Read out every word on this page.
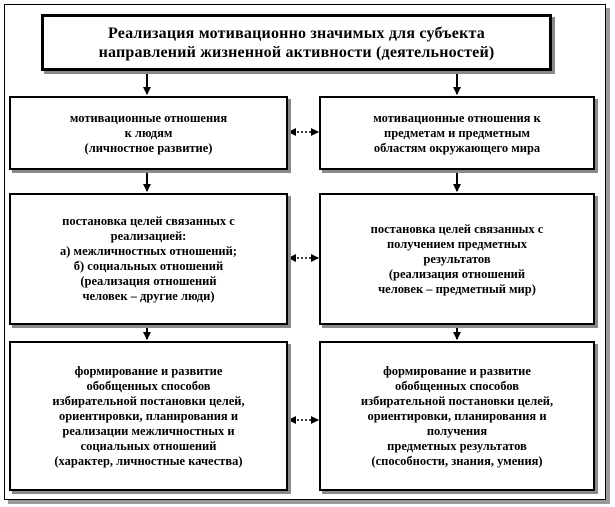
Реализация мотивационно значимых для субъекта
направлений жизненной активности (деятельностей)
мотивационные отношения
к людям
(личностное развитие)
постановка целей связанных с
реализацией:
а) межличностных отношений;
б) социальных отношений
(реализация отношений
человек – другие люди)
формирование и развитие
обобщенных способов
избирательной постановки целей,
ориентировки, планирования и
реализации межличностных и
социальных отношений
(характер, личностные качества)
мотивационные отношения к
предметам и предметным
областям окружающего мира
постановка целей связанных с
получением предметных
результатов
(реализация отношений
человек – предметный мир)
формирование и развитие
обобщенных способов
избирательной постановки целей,
ориентировки, планирования и
получения
предметных результатов
(способности, знания, умения)
